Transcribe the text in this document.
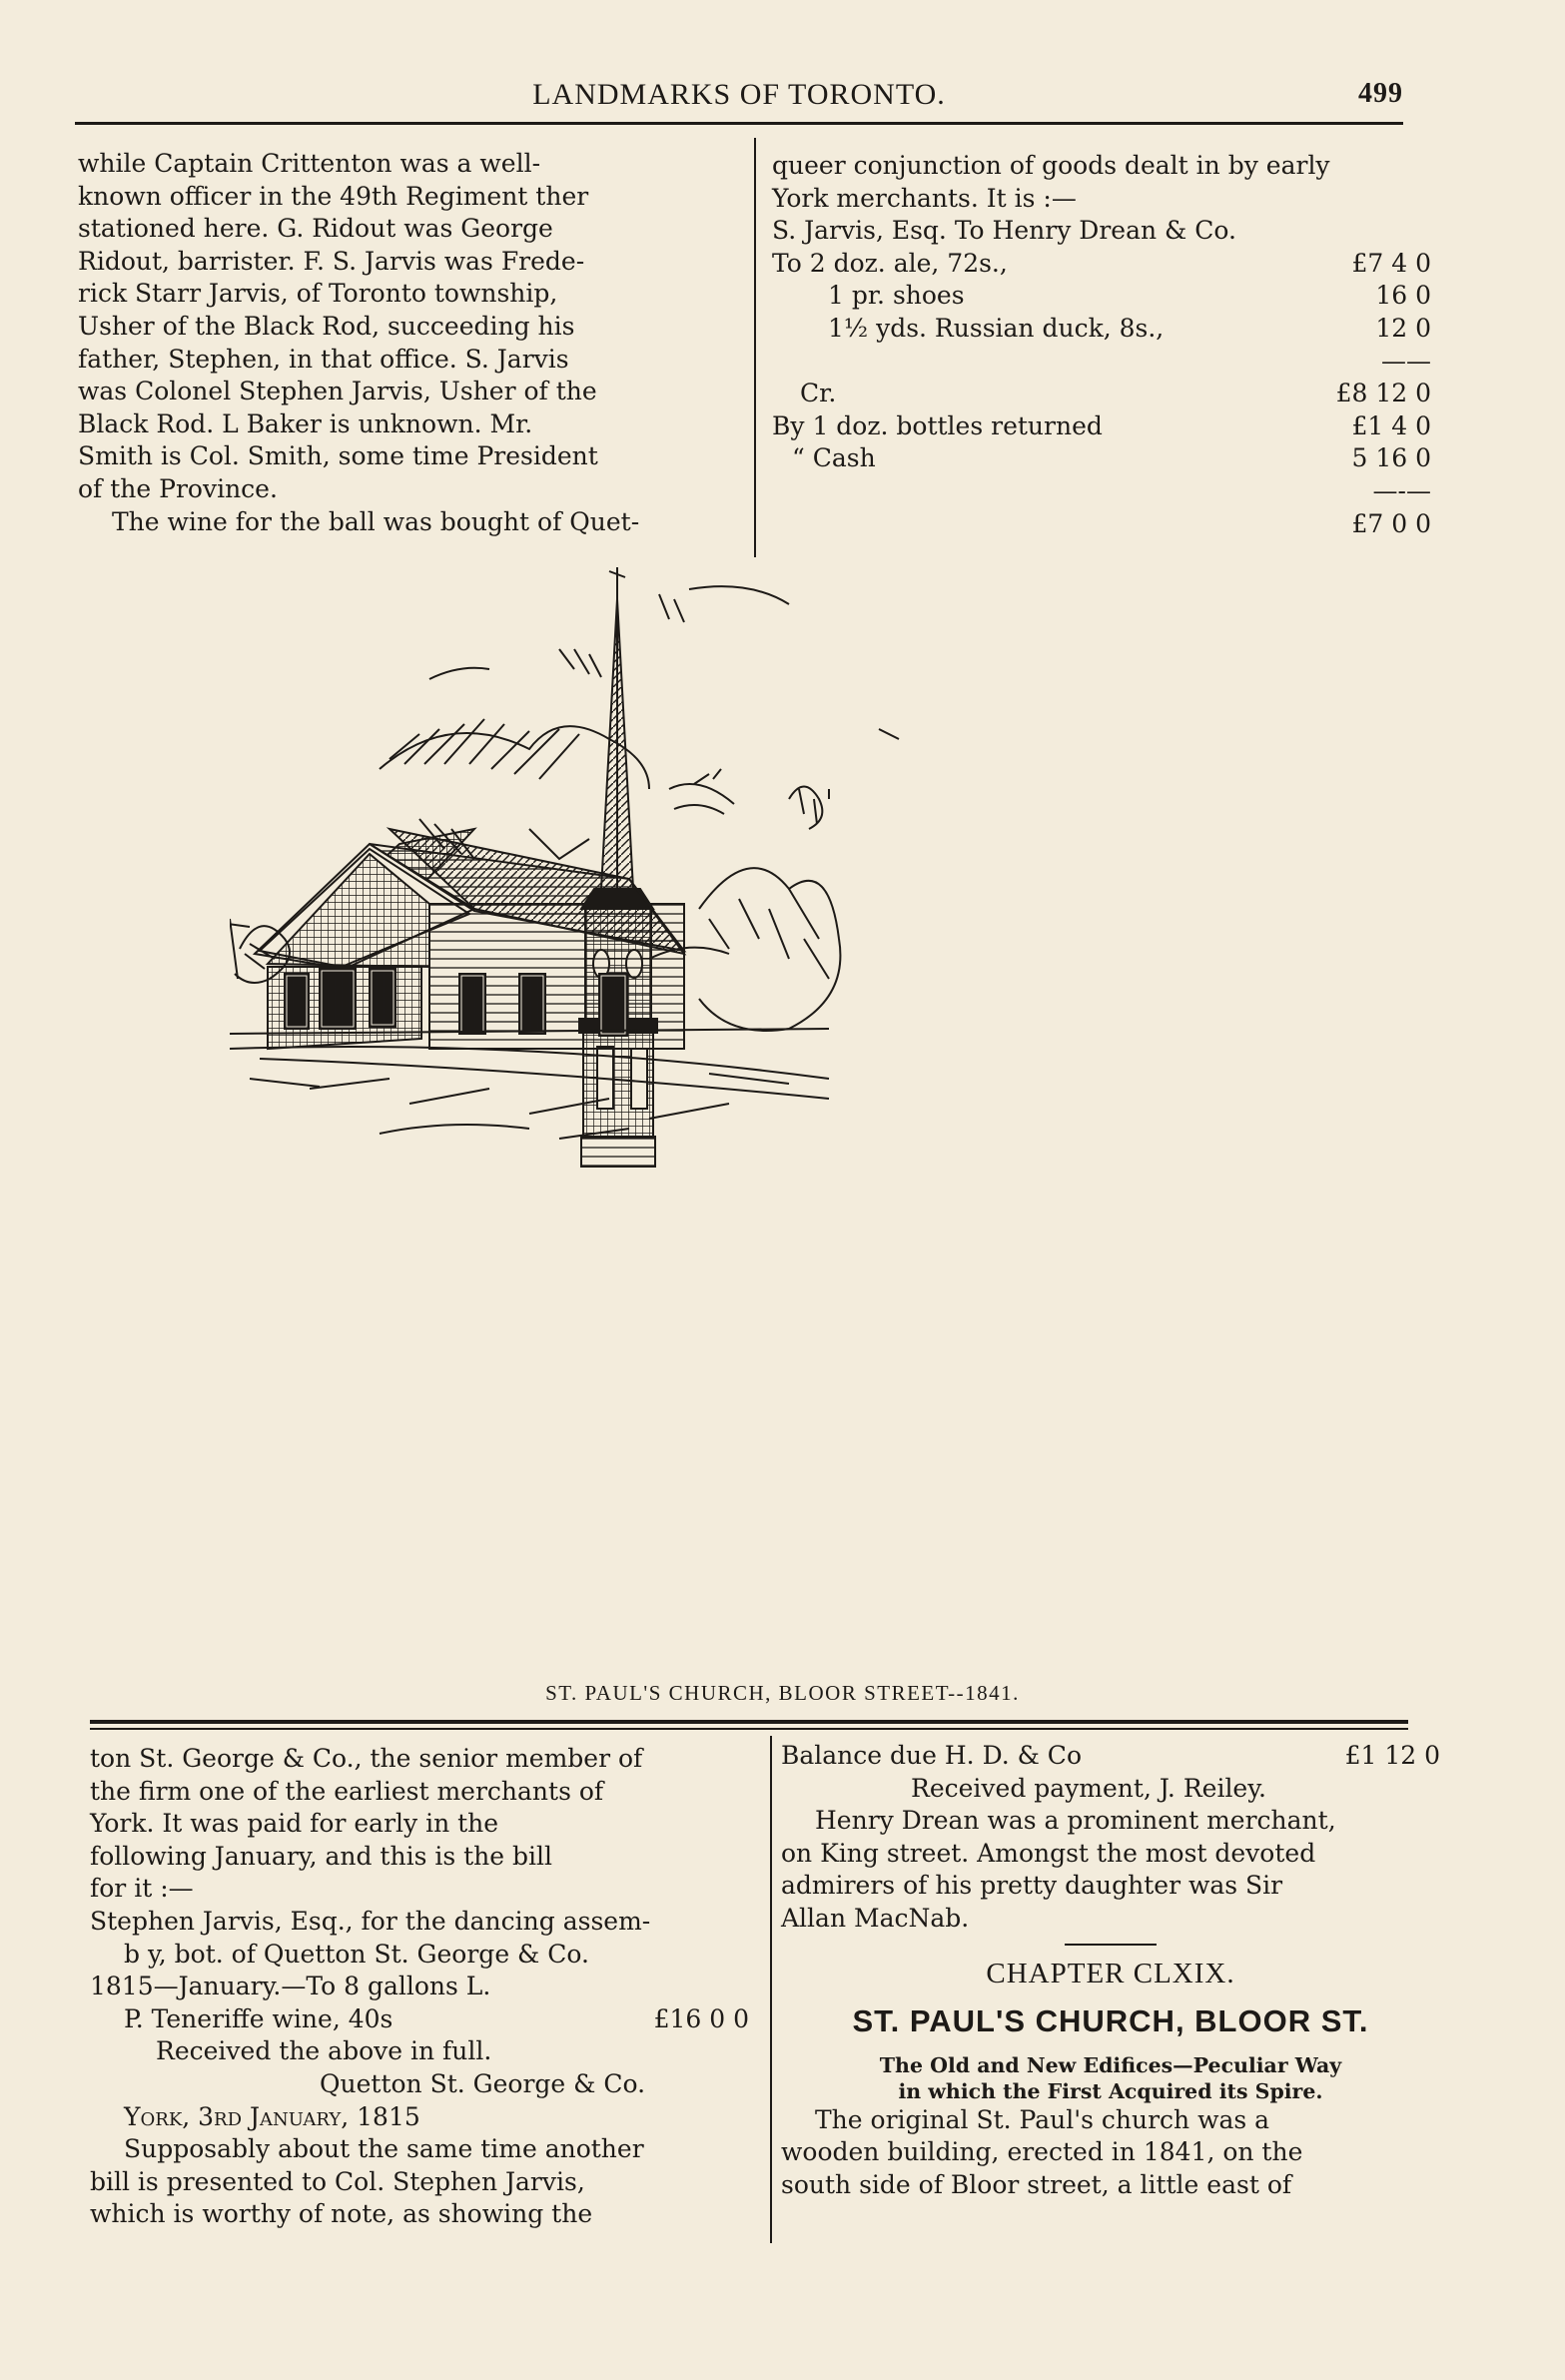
LANDMARKS OF TORONTO.	499

while Captain Crittenton was a well-

known officer in the 49th Regiment ther

stationed here. G. Ridout was George

Ridout, barrister. F. S. Jarvis was Frede-

rick Starr Jarvis, of Toronto township,

Usher of the Black Rod, succeeding his

father, Stephen, in that office. S. Jarvis

was Colonel Stephen Jarvis, Usher of the

Black Rod. L Baker is unknown. Mr.

Smith is Col. Smith, some time President

of the Province.

The wine for the ball was bought of Quet-

queer conjunction of goods dealt in by early

York merchants. It is :—

S. Jarvis, Esq. To Henry Drean & Co.

To 2 doz. ale, 72s.,	£7 4 0
1 pr. shoes	16 0
1½ yds. Russian duck, 8s.,	12 0
——
Cr.	£8 12 0
By 1 doz. bottles returned	£1 4 0
“ Cash	5 16 0
—-—
£7 0 0
ST. PAUL'S CHURCH, BLOOR STREET--1841.

ton St. George & Co., the senior member of

the firm one of the earliest merchants of

York. It was paid for early in the

following January, and this is the bill

for it :—

Stephen Jarvis, Esq., for the dancing assem-

b y, bot. of Quetton St. George & Co.

1815—January.—To 8 gallons L.

P. Teneriffe wine, 40s	£16 0 0

Received the above in full.

Quetton St. George & Co.

York, 3rd January, 1815

Supposably about the same time another

bill is presented to Col. Stephen Jarvis,

which is worthy of note, as showing the

Balance due H. D. & Co	£1 12 0

Received payment, J. Reiley.

Henry Drean was a prominent merchant,

on King street. Amongst the most devoted

admirers of his pretty daughter was Sir

Allan MacNab.

CHAPTER CLXIX.

ST. PAUL'S CHURCH, BLOOR ST.

The Old and New Edifices—Peculiar Way

in which the First Acquired its Spire.

The original St. Paul's church was a

wooden building, erected in 1841, on the

south side of Bloor street, a little east of
